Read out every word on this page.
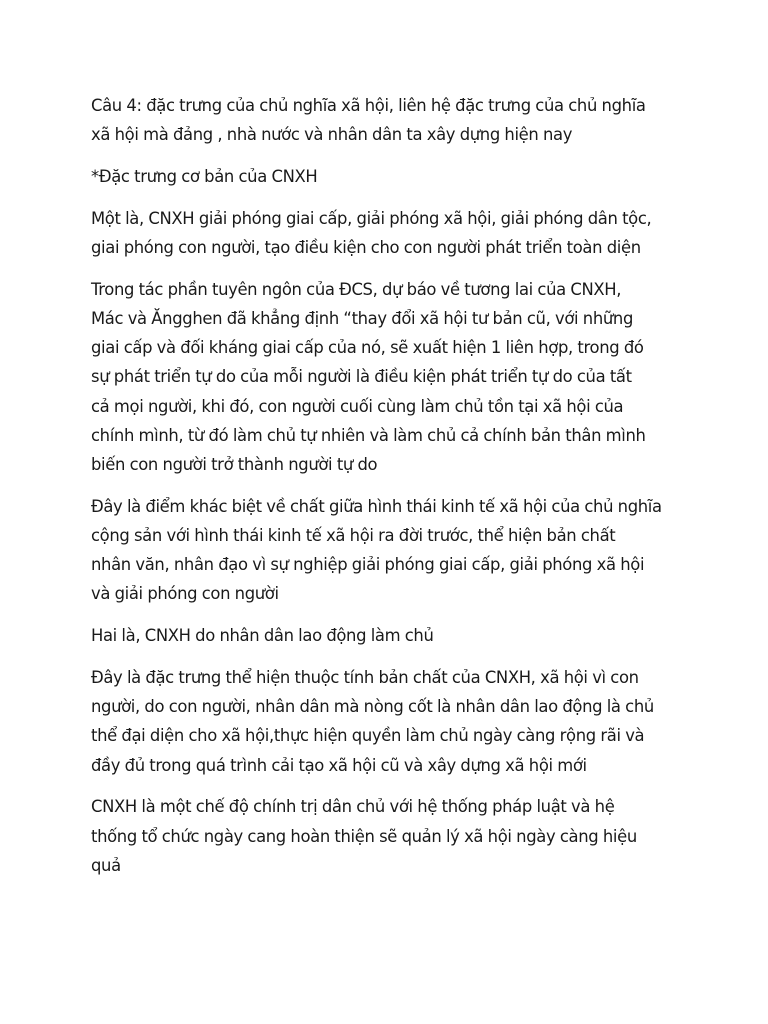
Câu 4: đặc trưng của chủ nghĩa xã hội, liên hệ đặc trưng của chủ nghĩa
xã hội mà đảng , nhà nước và nhân dân ta xây dựng hiện nay

*Đặc trưng cơ bản của CNXH

Một là, CNXH giải phóng giai cấp, giải phóng xã hội, giải phóng dân tộc,
giai phóng con người, tạo điều kiện cho con người phát triển toàn diện

Trong tác phần tuyên ngôn của ĐCS, dự báo về tương lai của CNXH,
Mác và Ăngghen đã khẳng định “thay đổi xã hội tư bản cũ, với những
giai cấp và đối kháng giai cấp của nó, sẽ xuất hiện 1 liên hợp, trong đó
sự phát triển tự do của mỗi người là điều kiện phát triển tự do của tất
cả mọi người, khi đó, con người cuối cùng làm chủ tồn tại xã hội của
chính mình, từ đó làm chủ tự nhiên và làm chủ cả chính bản thân mình
biến con người trở thành người tự do

Đây là điểm khác biệt về chất giữa hình thái kinh tế xã hội của chủ nghĩa
cộng sản với hình thái kinh tế xã hội ra đời trước, thể hiện bản chất
nhân văn, nhân đạo vì sự nghiệp giải phóng giai cấp, giải phóng xã hội
và giải phóng con người

Hai là, CNXH do nhân dân lao động làm chủ

Đây là đặc trưng thể hiện thuộc tính bản chất của CNXH, xã hội vì con
người, do con người, nhân dân mà nòng cốt là nhân dân lao động là chủ
thể đại diện cho xã hội,thực hiện quyền làm chủ ngày càng rộng rãi và
đầy đủ trong quá trình cải tạo xã hội cũ và xây dựng xã hội mới

CNXH là một chế độ chính trị dân chủ với hệ thống pháp luật và hệ
thống tổ chức ngày cang hoàn thiện sẽ quản lý xã hội ngày càng hiệu
quả
